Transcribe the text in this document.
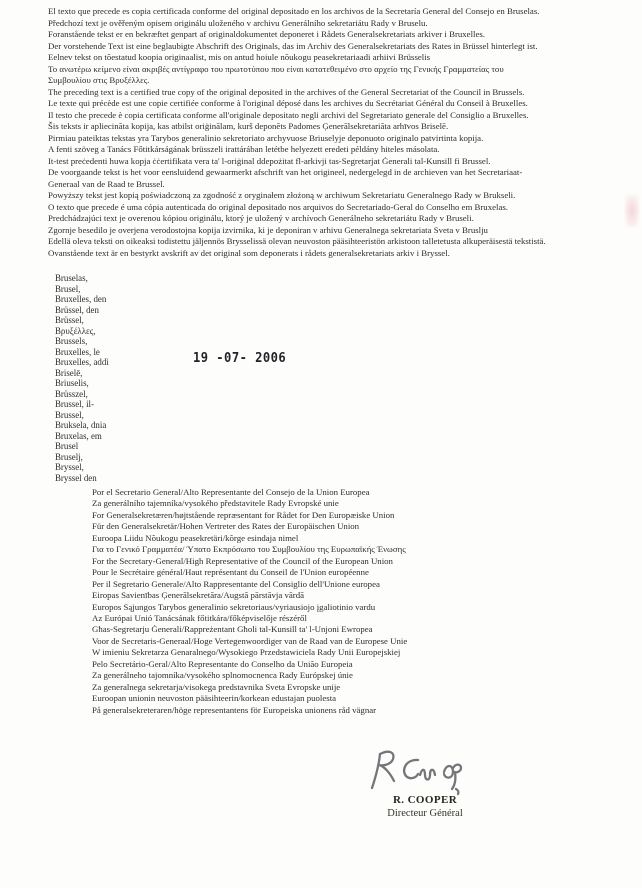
El texto que precede es copia certificada conforme del original depositado en los archivos de la Secretaría General del Consejo en Bruselas.
Předchozí text je ověřeným opisem originálu uloženého v archivu Generálního sekretariátu Rady v Bruselu.
Foranstående tekst er en bekræftet genpart af originaldokumentet deponeret i Rådets Generalsekretariats arkiver i Bruxelles.
Der vorstehende Text ist eine beglaubigte Abschrift des Originals, das im Archiv des Generalsekretariats des Rates in Brüssel hinterlegt ist.
Eelnev tekst on tõestatud koopia originaalist, mis on antud hoiule nõukogu peasekretariaadi arhiivi Brüsselis
Το ανωτέρω κείμενο είναι ακριβές αντίγραφο του πρωτοτύπου που είναι κατατεθειμένο στο αρχείο της Γενικής Γραμματείας του
Συμβουλίου στις Βρυξέλλες.
The preceding text is a certified true copy of the original deposited in the archives of the General Secretariat of the Council in Brussels.
Le texte qui précède est une copie certifiée conforme à l'original déposé dans les archives du Secrétariat Général du Conseil à Bruxelles.
Il testo che precede è copia certificata conforme all'originale depositato negli archivi del Segretariato generale del Consiglio a Bruxelles.
Šis teksts ir apliecināta kopija, kas atbilst oriģinālam, kurš deponēts Padomes Ģenerālsekretariāta arhīvos Briselē.
Pirmiau pateiktas tekstas yra Tarybos generalinio sekretoriato archyvuose Briuselyje deponuoto originalo patvirtinta kopija.
A fenti szöveg a Tanács Főtitkárságának brüsszeli irattárában letétbe helyezett eredeti példány hiteles másolata.
It-test preċedenti huwa kopja ċċertifikata vera ta' l-oriġinal ddepożitat fl-arkivji tas-Segretarjat Ġenerali tal-Kunsill fi Brussel.
De voorgaande tekst is het voor eensluidend gewaarmerkt afschrift van het origineel, nedergelegd in de archieven van het Secretariaat-
Generaal van de Raad te Brussel.
Powyższy tekst jest kopią poświadczoną za zgodność z oryginałem złożoną w archiwum Sekretariatu Generalnego Rady w Brukseli.
O texto que precede é uma cópia autenticada do original depositado nos arquivos do Secretariado-Geral do Conselho em Bruxelas.
Predchádzajúci text je overenou kópiou originálu, ktorý je uložený v archívoch Generálneho sekretariátu Rady v Bruseli.
Zgornje besedilo je overjena verodostojna kopija izvirnika, ki je deponiran v arhivu Generalnega sekretariata Sveta v Bruslju
Edellä oleva teksti on oikeaksi todistettu jäljennös Brysselissä olevan neuvoston pääsihteeristön arkistoon talletetusta alkuperäisestä tekstistä.
Ovanstående text är en bestyrkt avskrift av det original som deponerats i rådets generalsekretariats arkiv i Bryssel.
Bruselas,
Brusel,
Bruxelles, den
Brüssel, den
Brüssel,
Βρυξέλλες,
Brussels,
Bruxelles, le
Bruxelles, addì
Briselē,
Briuselis,
Brüsszel,
Brussel, il-
Brussel,
Bruksela, dnia
Bruxelas, em
Brusel
Bruselj,
Bryssel,
Bryssel den
19 -07- 2006
Por el Secretario General/Alto Representante del Consejo de la Union Europea
Za generálního tajemníka/vysokého představitele Rady Evropské unie
For Generalsekretæren/højtstående repræsentant for Rådet for Den Europæiske Union
Für den Generalsekretär/Hohen Vertreter des Rates der Europäischen Union
Euroopa Liidu Nõukogu peasekretäri/kõrge esindaja nimel
Για το Γενικό Γραμματέα/ Ύπατο Εκπρόσωπο του Συμβουλίου της Ευρωπαϊκής Ένωσης
For the Secretary-General/High Representative of the Council of the European Union
Pour le Secrétaire général/Haut représentant du Conseil de l'Union européenne
Per il Segretario Generale/Alto Rappresentante del Consiglio dell'Unione europea
Eiropas Savienības Ģenerālsekretāra/Augstā pārstāvja vārdā
Europos Sąjungos Tarybos generalinio sekretoriaus/vyriausiojo įgaliotinio vardu
Az Európai Unió Tanácsának főtitkára/főképviselője részéről
Għas-Segretarju Ġenerali/Rappreżentant Għoli tal-Kunsill ta' l-Unjoni Ewropea
Voor de Secretaris-Generaal/Hoge Vertegenwoordiger van de Raad van de Europese Unie
W imieniu Sekretarza Genaralnego/Wysokiego Przedstawiciela Rady Unii Europejskiej
Pelo Secretário-Geral/Alto Representante do Conselho da União Europeia
Za generálneho tajomníka/vysokého splnomocnenca Rady Európskej únie
Za generalnega sekretarja/visokega predstavnika Sveta Evropske unije
Euroopan unionin neuvoston pääsihteerin/korkean edustajan puolesta
På generalsekreteraren/höge representantens för Europeiska unionens råd vägnar
R. COOPER
Directeur Général
